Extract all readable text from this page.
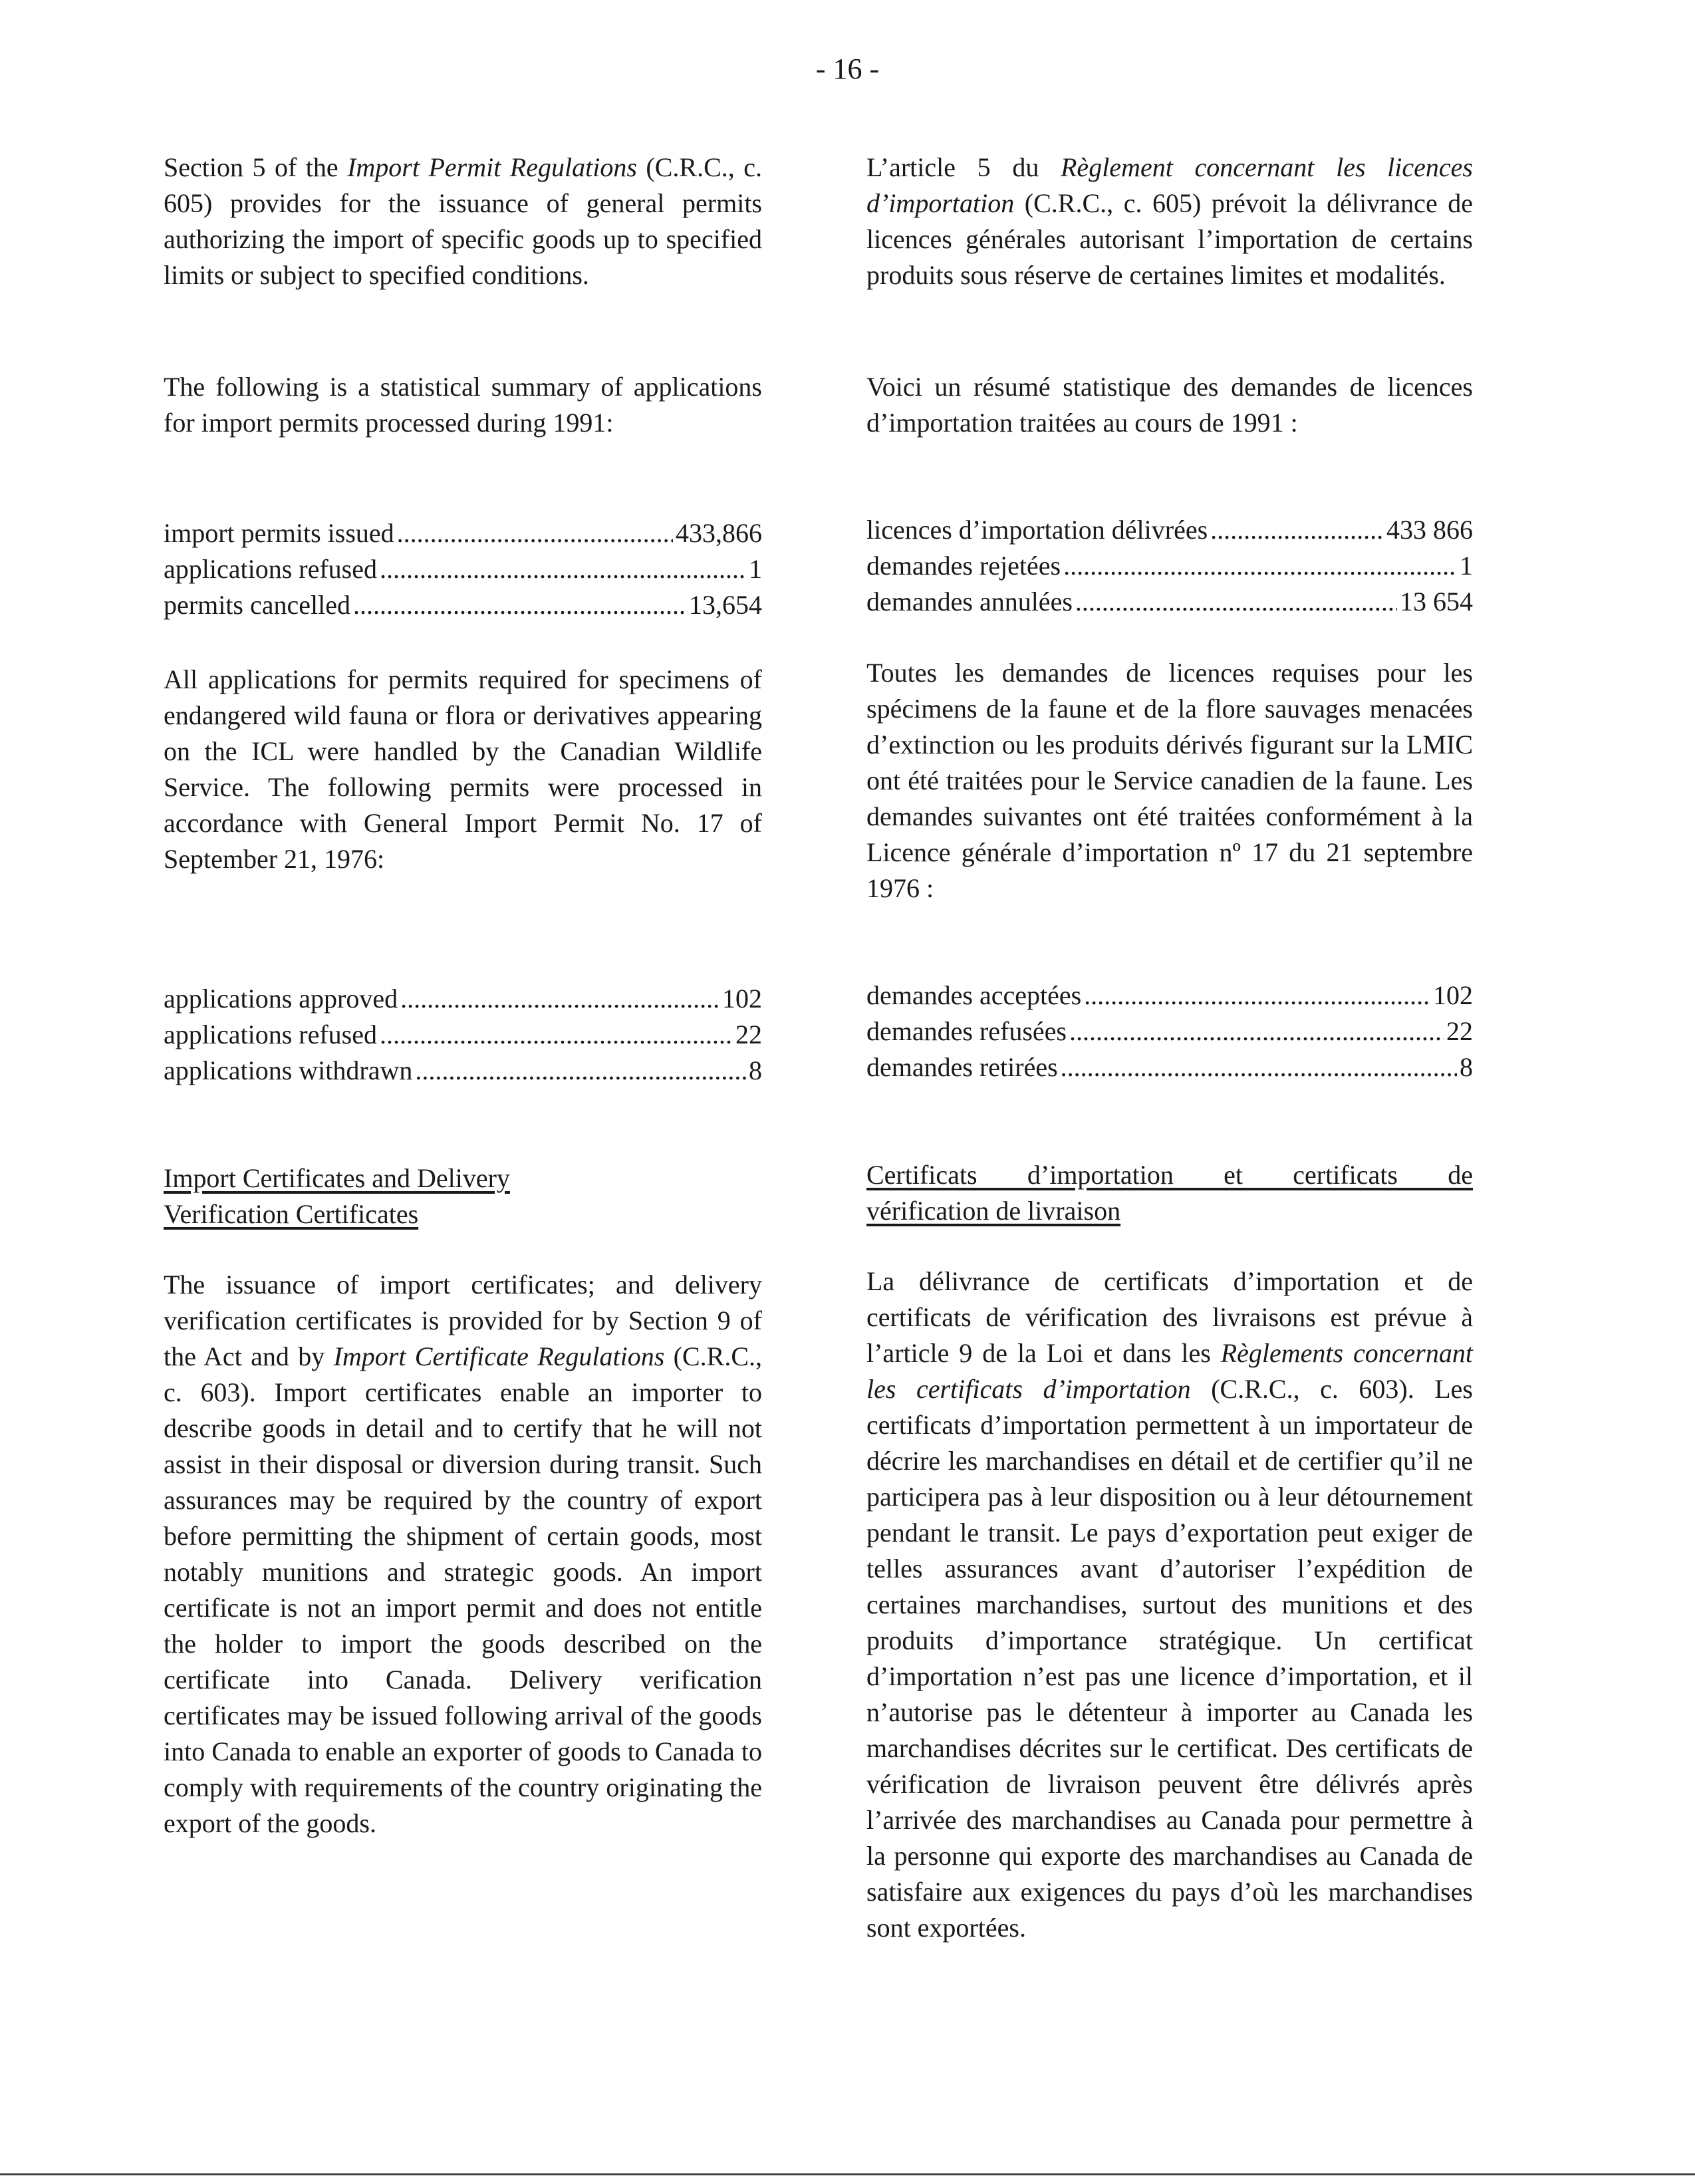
- 16 -

Section 5 of the Import Permit Regulations (C.R.C., c. 605) provides for the issuance of general permits authorizing the import of specific goods up to specified limits or subject to specified conditions.

The following is a statistical summary of applications for import permits processed during 1991:

import permits issued .....	433,866
applications refused .....	1
permits cancelled .....	13,654

All applications for permits required for specimens of endangered wild fauna or flora or derivatives appearing on the ICL were handled by the Canadian Wildlife Service. The following permits were processed in accordance with General Import Permit No. 17 of September 21, 1976:

applications approved .....	102
applications refused .....	22
applications withdrawn .....	8
Import Certificates and Delivery
Verification Certificates

The issuance of import certificates; and delivery verification certificates is provided for by Section 9 of the Act and by Import Certificate Regulations (C.R.C., c. 603). Import certificates enable an importer to describe goods in detail and to certify that he will not assist in their disposal or diversion during transit. Such assurances may be required by the country of export before permitting the shipment of certain goods, most notably munitions and strategic goods. An import certificate is not an import permit and does not entitle the holder to import the goods described on the certificate into Canada. Delivery verification certificates may be issued following arrival of the goods into Canada to enable an exporter of goods to Canada to comply with requirements of the country originating the export of the goods.

L’article 5 du Règlement concernant les licences d’importation (C.R.C., c. 605) prévoit la délivrance de licences générales autorisant l’importation de certains produits sous réserve de certaines limites et modalités.

Voici un résumé statistique des demandes de licences d’importation traitées au cours de 1991 :

licences d’importation délivrées .....	433 866
demandes rejetées .....	1
demandes annulées .....	13 654

Toutes les demandes de licences requises pour les spécimens de la faune et de la flore sauvages menacées d’extinction ou les produits dérivés figurant sur la LMIC ont été traitées pour le Service canadien de la faune. Les demandes suivantes ont été traitées conformément à la Licence générale d’importation nº 17 du 21 septembre 1976 :

demandes acceptées .....	102
demandes refusées .....	22
demandes retirées .....	8
Certificats d’importation et certificats de
vérification de livraison

La délivrance de certificats d’importation et de certificats de vérification des livraisons est prévue à l’article 9 de la Loi et dans les Règlements concernant les certificats d’importation (C.R.C., c. 603). Les certificats d’importation permettent à un importateur de décrire les marchandises en détail et de certifier qu’il ne participera pas à leur disposition ou à leur détournement pendant le transit. Le pays d’exportation peut exiger de telles assurances avant d’autoriser l’expédition de certaines marchandises, surtout des munitions et des produits d’importance stratégique. Un certificat d’importation n’est pas une licence d’importation, et il n’autorise pas le détenteur à importer au Canada les marchandises décrites sur le certificat. Des certificats de vérification de livraison peuvent être délivrés après l’arrivée des marchandises au Canada pour permettre à la personne qui exporte des marchandises au Canada de satisfaire aux exigences du pays d’où les marchandises sont exportées.
